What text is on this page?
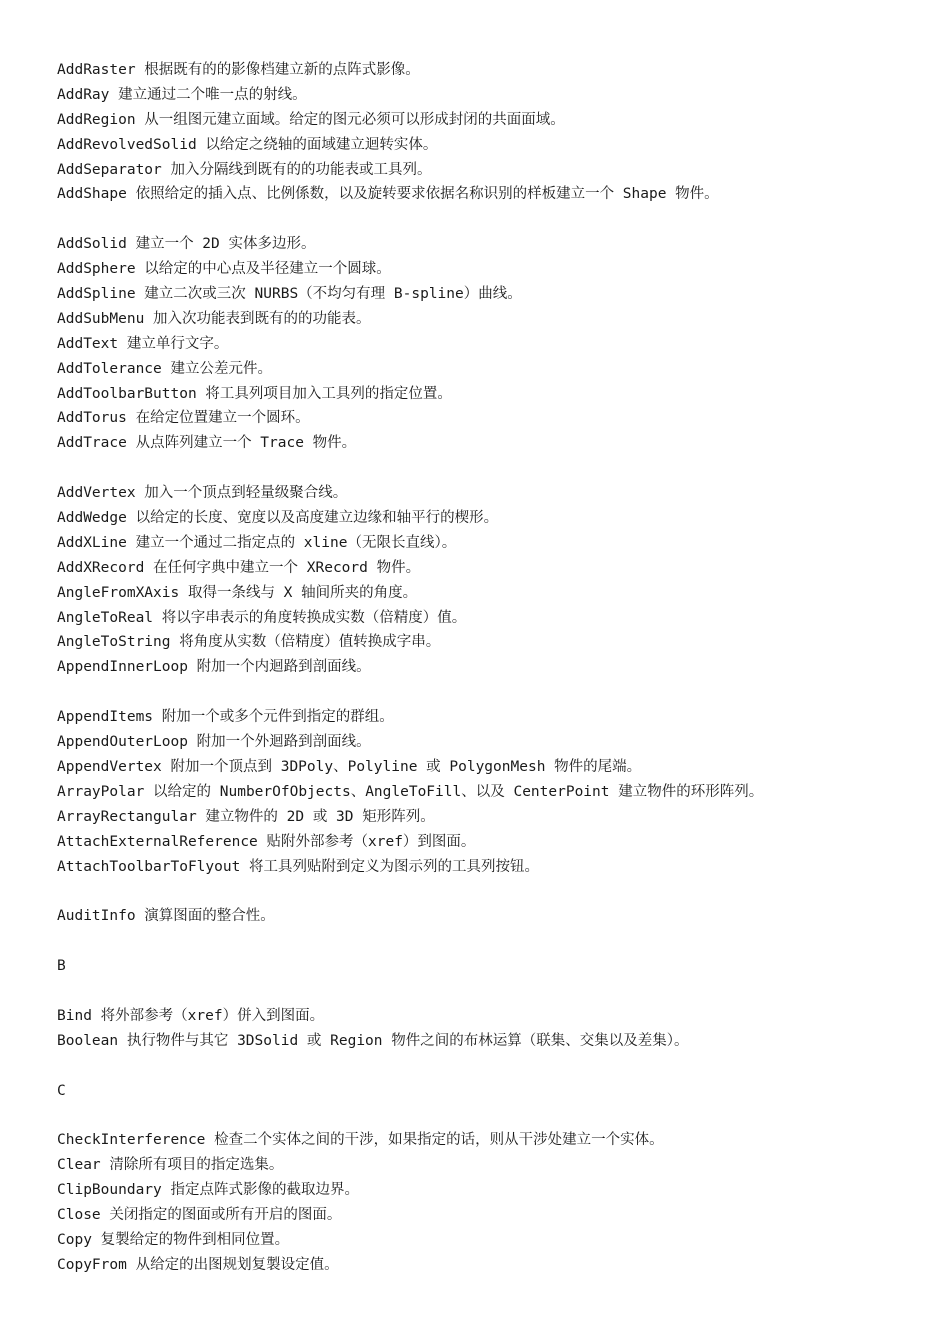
AddRaster 根据既有的的影像档建立新的点阵式影像。
AddRay 建立通过二个唯一点的射线。
AddRegion 从一组图元建立面域。给定的图元必须可以形成封闭的共面面域。
AddRevolvedSolid 以给定之绕轴的面域建立迴转实体。
AddSeparator 加入分隔线到既有的的功能表或工具列。
AddShape 依照给定的插入点、比例係数，以及旋转要求依据名称识别的样板建立一个 Shape 物件。
AddSolid 建立一个 2D 实体多边形。
AddSphere 以给定的中心点及半径建立一个圆球。
AddSpline 建立二次或三次 NURBS（不均匀有理 B-spline）曲线。
AddSubMenu 加入次功能表到既有的的功能表。
AddText 建立单行文字。
AddTolerance 建立公差元件。
AddToolbarButton 将工具列项目加入工具列的指定位置。
AddTorus 在给定位置建立一个圆环。
AddTrace 从点阵列建立一个 Trace 物件。
AddVertex 加入一个顶点到轻量级聚合线。
AddWedge 以给定的长度、宽度以及高度建立边缘和轴平行的楔形。
AddXLine 建立一个通过二指定点的 xline（无限长直线）。
AddXRecord 在任何字典中建立一个 XRecord 物件。
AngleFromXAxis 取得一条线与 X 轴间所夹的角度。
AngleToReal 将以字串表示的角度转换成实数（倍精度）值。
AngleToString 将角度从实数（倍精度）值转换成字串。
AppendInnerLoop 附加一个内迴路到剖面线。
AppendItems 附加一个或多个元件到指定的群组。
AppendOuterLoop 附加一个外迴路到剖面线。
AppendVertex 附加一个顶点到 3DPoly、Polyline 或 PolygonMesh 物件的尾端。
ArrayPolar 以给定的 NumberOfObjects、AngleToFill、以及 CenterPoint 建立物件的环形阵列。
ArrayRectangular 建立物件的 2D 或 3D 矩形阵列。
AttachExternalReference 贴附外部参考（xref）到图面。
AttachToolbarToFlyout 将工具列贴附到定义为图示列的工具列按钮。
AuditInfo 演算图面的整合性。
B
Bind 将外部参考（xref）併入到图面。
Boolean 执行物件与其它 3DSolid 或 Region 物件之间的布林运算（联集、交集以及差集）。
C
CheckInterference 检查二个实体之间的干涉，如果指定的话，则从干涉处建立一个实体。
Clear 清除所有项目的指定选集。
ClipBoundary 指定点阵式影像的截取边界。
Close 关闭指定的图面或所有开启的图面。
Copy 复製给定的物件到相同位置。
CopyFrom 从给定的出图规划复製设定值。
